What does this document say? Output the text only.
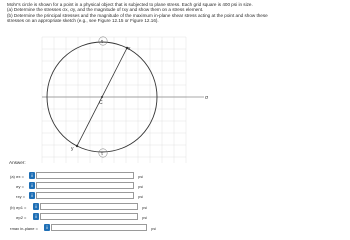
Mohr's circle is shown for a point in a physical object that is subjected to plane stress. Each grid square is 400 psi in size.

(a) Determine the stresses σx, σy, and the magnitude of τxy and show them on a stress element.

(b) Determine the principal stresses and the magnitude of the maximum in-plane shear stress acting at the point and show these

stresses on an appropriate sketch (e.g., see Figure 12.15 or Figure 12.16).

x
y
C
σ
τ
τ
Answer:
(a) σx =	i	psi
σy =	i	psi
τxy =	i	psi
(b) σp1 =	i	psi
σp2 =	i	psi
τmax in-plane =	i	psi
